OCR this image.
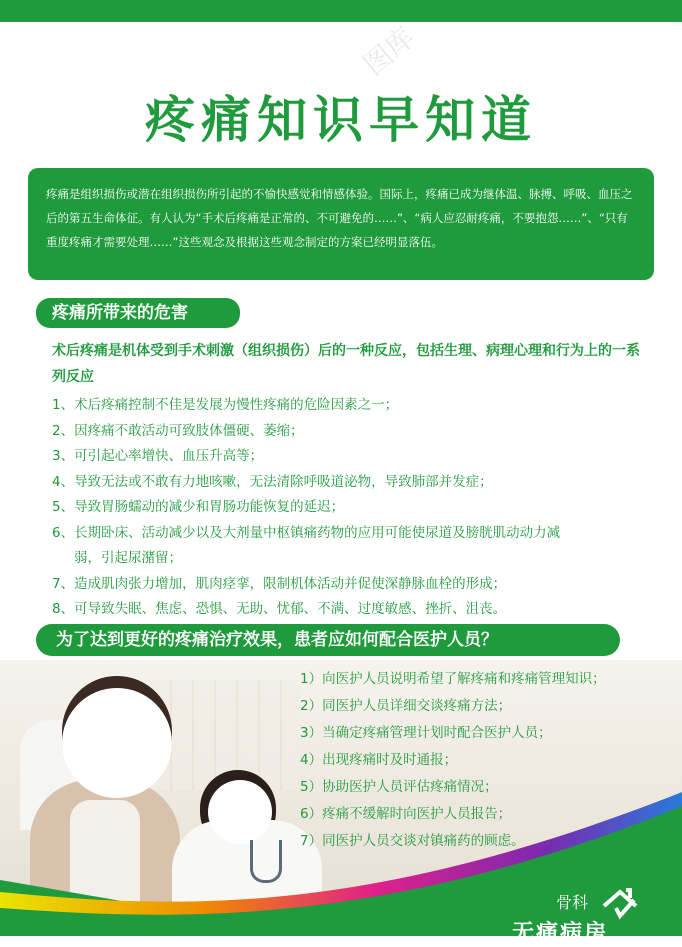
图库
疼痛知识早知道
疼痛是组织损伤或潜在组织损伤所引起的不愉快感觉和情感体验。国际上，疼痛已成为继体温、脉搏、呼吸、血压之后的第五生命体征。有人认为“手术后疼痛是正常的、不可避免的……”、“病人应忍耐疼痛，不要抱怨……”、“只有重度疼痛才需要处理……”这些观念及根据这些观念制定的方案已经明显落伍。
疼痛所带来的危害
术后疼痛是机体受到手术刺激（组织损伤）后的一种反应，包括生理、病理心理和行为上的一系列反应
1、术后疼痛控制不佳是发展为慢性疼痛的危险因素之一；
2、因疼痛不敢活动可致肢体僵硬、萎缩；
3、可引起心率增快、血压升高等；
4、导致无法或不敢有力地咳嗽，无法清除呼吸道泌物，导致肺部并发症；
5、导致胃肠蠕动的减少和胃肠功能恢复的延迟；
6、长期卧床、活动减少以及大剂量中枢镇痛药物的应用可能使尿道及膀胱肌动动力减
弱，引起尿潴留；
7、造成肌肉张力增加，肌肉痉挛，限制机体活动并促使深静脉血栓的形成；
8、可导致失眠、焦虑、恐惧、无助、忧郁、不满、过度敏感、挫折、沮丧。
为了达到更好的疼痛治疗效果，患者应如何配合医护人员？
1）向医护人员说明希望了解疼痛和疼痛管理知识；
2）同医护人员详细交谈疼痛方法；
3）当确定疼痛管理计划时配合医护人员；
4）出现疼痛时及时通报；
5）协助医护人员评估疼痛情况；
6）疼痛不缓解时向医护人员报告；
7）同医护人员交谈对镇痛药的顾虑。
骨科
无痛病房
